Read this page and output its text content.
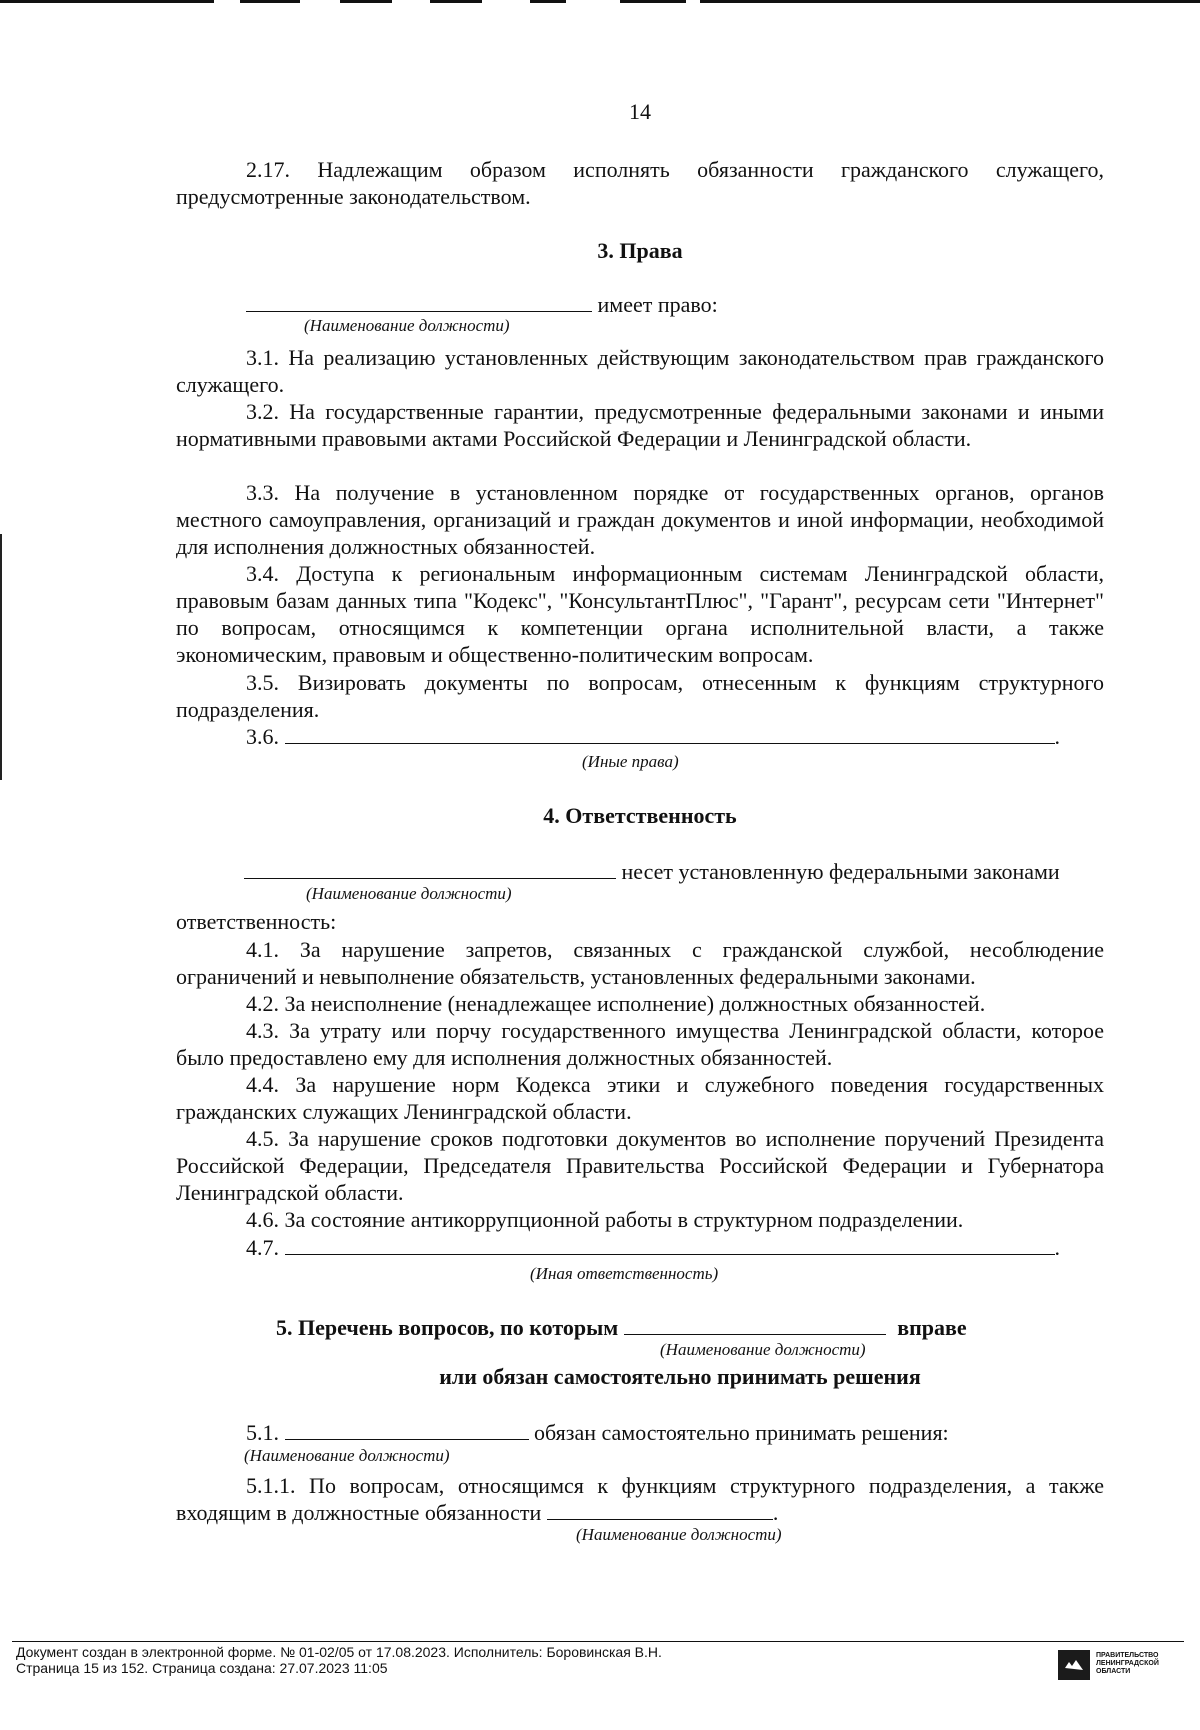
14
2.17. Надлежащим образом исполнять обязанности гражданского служащего, предусмотренные законодательством.
3. Права
имеет право:
(Наименование должности)
3.1. На реализацию установленных действующим законодательством прав гражданского служащего.
3.2. На государственные гарантии, предусмотренные федеральными законами и иными нормативными правовыми актами Российской Федерации и Ленинградской области.
3.3. На получение в установленном порядке от государственных органов, органов местного самоуправления, организаций и граждан документов и иной информации, необходимой для исполнения должностных обязанностей.
3.4. Доступа к региональным информационным системам Ленинградской области, правовым базам данных типа "Кодекс", "КонсультантПлюс", "Гарант", ресурсам сети "Интернет" по вопросам, относящимся к компетенции органа исполнительной власти, а также экономическим, правовым и общественно-политическим вопросам.
3.5. Визировать документы по вопросам, отнесенным к функциям структурного подразделения.
3.6.	.
(Иные права)
4. Ответственность
несет установленную федеральными законами
(Наименование должности)
ответственность:
4.1. За нарушение запретов, связанных с гражданской службой, несоблюдение ограничений и невыполнение обязательств, установленных федеральными законами.
4.2. За неисполнение (ненадлежащее исполнение) должностных обязанностей.
4.3. За утрату или порчу государственного имущества Ленинградской области, которое было предоставлено ему для исполнения должностных обязанностей.
4.4. За нарушение норм Кодекса этики и служебного поведения государственных гражданских служащих Ленинградской области.
4.5. За нарушение сроков подготовки документов во исполнение поручений Президента Российской Федерации, Председателя Правительства Российской Федерации и Губернатора Ленинградской области.
4.6. За состояние антикоррупционной работы в структурном подразделении.
4.7.	.
(Иная ответственность)
5. Перечень вопросов, по которым	вправе
(Наименование должности)
или обязан самостоятельно принимать решения
5.1.	обязан самостоятельно принимать решения:
(Наименование должности)
5.1.1. По вопросам, относящимся к функциям структурного подразделения, а также
входящим в должностные обязанности	.
(Наименование должности)
Документ создан в электронной форме. № 01-02/05 от 17.08.2023. Исполнитель: Боровинская В.Н.
Страница 15 из 152. Страница создана: 27.07.2023 11:05
ПРАВИТЕЛЬСТВО
ЛЕНИНГРАДСКОЙ
ОБЛАСТИ
